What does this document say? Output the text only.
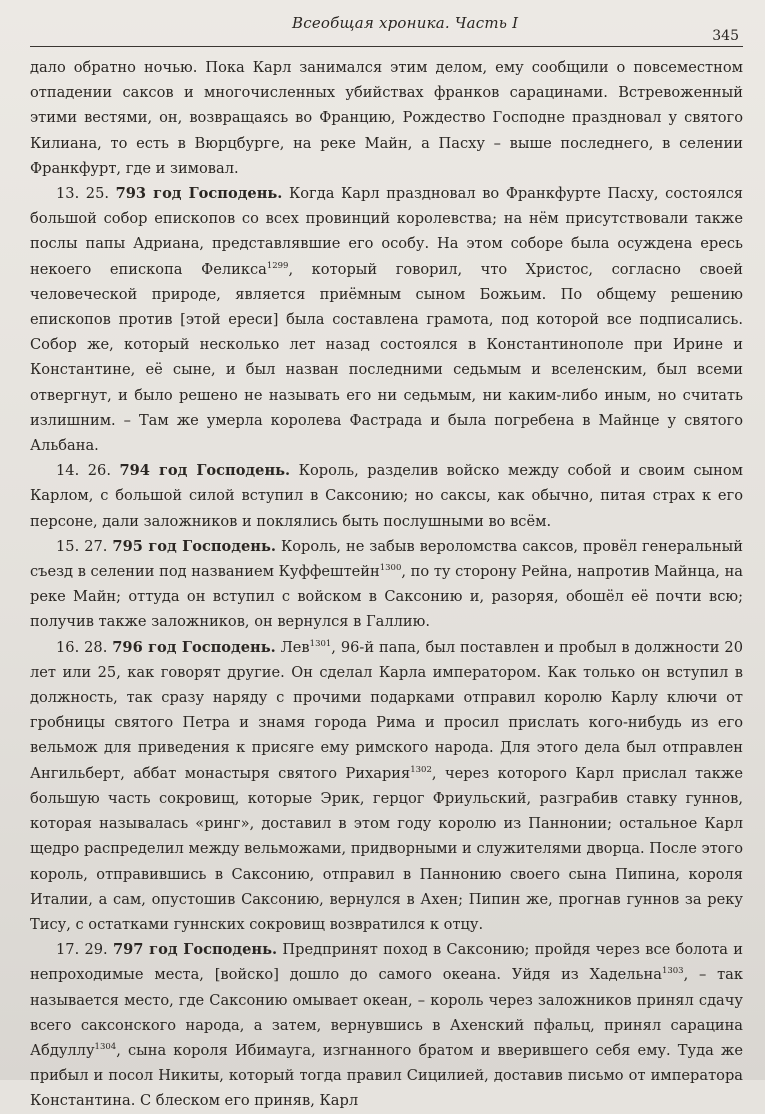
Всеобщая хроника. Часть I
345

дало обратно ночью. Пока Карл занимался этим делом, ему сообщили о повсеместном отпадении саксов и многочисленных убийствах франков сарацинами. Встревоженный этими вестями, он, возвращаясь во Францию, Рождество Господне праздновал у святого Килиана, то есть в Вюрцбурге, на реке Майн, а Пасху – выше последнего, в селении Франкфурт, где и зимовал.

13. 25. 793 год Господень. Когда Карл праздновал во Франкфурте Пасху, состоялся большой собор епископов со всех провинций королевства; на нём присутствовали также послы папы Адриана, представлявшие его особу. На этом соборе была осуждена ересь некоего епископа Феликса$^{1299}$, который говорил, что Христос, согласно своей человеческой природе, является приёмным сыном Божьим. По общему решению епископов против [этой ереси] была составлена грамота, под которой все подписались. Собор же, который несколько лет назад состоялся в Константинополе при Ирине и Константине, её сыне, и был назван последними седьмым и вселенским, был всеми отвергнут, и было решено не называть его ни седьмым, ни каким-либо иным, но считать излишним. – Там же умерла королева Фастрада и была погребена в Майнце у святого Альбана.

14. 26. 794 год Господень. Король, разделив войско между собой и своим сыном Карлом, с большой силой вступил в Саксонию; но саксы, как обычно, питая страх к его персоне, дали заложников и поклялись быть послушными во всём.

15. 27. 795 год Господень. Король, не забыв вероломства саксов, провёл генеральный съезд в селении под названием Куффештейн$^{1300}$, по ту сторону Рейна, напротив Майнца, на реке Майн; оттуда он вступил с войском в Саксонию и, разоряя, обошёл её почти всю; получив также заложников, он вернулся в Галлию.

16. 28. 796 год Господень. Лев$^{1301}$, 96-й папа, был поставлен и пробыл в должности 20 лет или 25, как говорят другие. Он сделал Карла императором. Как только он вступил в должность, так сразу наряду с прочими подарками отправил королю Карлу ключи от гробницы святого Петра и знамя города Рима и просил прислать кого-нибудь из его вельмож для приведения к присяге ему римского народа. Для этого дела был отправлен Ангильберт, аббат монастыря святого Рихария$^{1302}$, через которого Карл прислал также большую часть сокровищ, которые Эрик, герцог Фриульский, разграбив ставку гуннов, которая называлась «ринг», доставил в этом году королю из Паннонии; остальное Карл щедро распределил между вельможами, придворными и служителями дворца. После этого король, отправившись в Саксонию, отправил в Паннонию своего сына Пипина, короля Италии, а сам, опустошив Саксонию, вернулся в Ахен; Пипин же, прогнав гуннов за реку Тису, с остатками гуннских сокровищ возвратился к отцу.

17. 29. 797 год Господень. Предпринят поход в Саксонию; пройдя через все болота и непроходимые места, [войско] дошло до самого океана. Уйдя из Хадельна$^{1303}$, – так называется место, где Саксонию омывает океан, – король через заложников принял сдачу всего саксонского народа, а затем, вернувшись в Ахенский пфальц, принял сарацина Абдуллу$^{1304}$, сына короля Ибимаугa, изгнанного братом и вверившего себя ему. Туда же прибыл и посол Никиты, который тогда правил Сицилией, доставив письмо от императора Константина. С блеском его приняв, Карл
